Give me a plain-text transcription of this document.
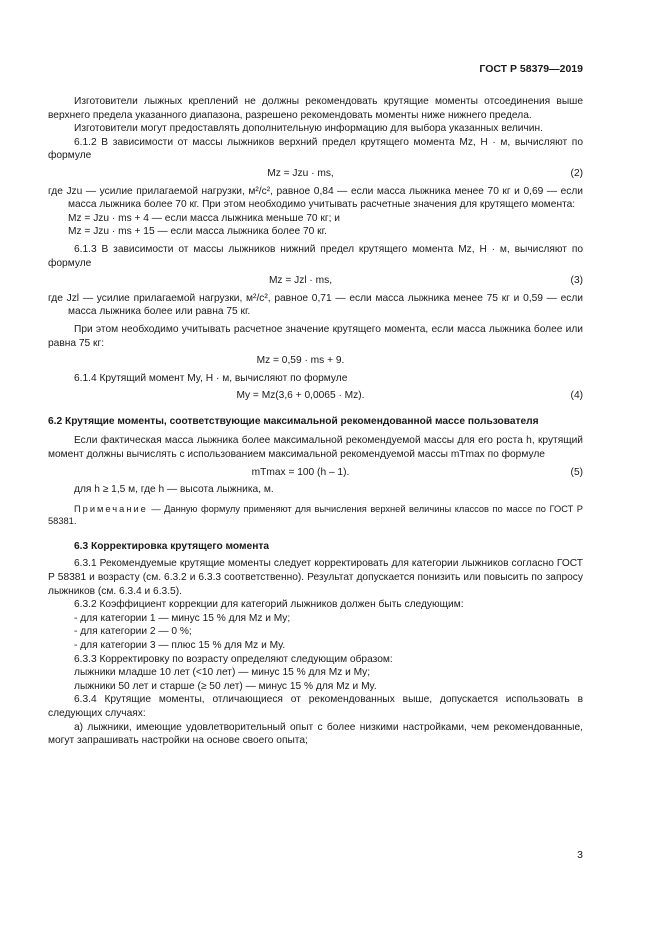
ГОСТ Р 58379—2019

Изготовители лыжных креплений не должны рекомендовать крутящие моменты отсоединения выше верхнего предела указанного диапазона, разрешено рекомендовать моменты ниже нижнего предела.

Изготовители могут предоставлять дополнительную информацию для выбора указанных величин.

6.1.2 В зависимости от массы лыжников верхний предел крутящего момента Mz, Н · м, вычисляют по формуле

Mz = Jzu · ms,	(2)

где Jzu — усилие прилагаемой нагрузки, м²/с², равное 0,84 — если масса лыжника менее 70 кг и 0,69 — если масса лыжника более 70 кг. При этом необходимо учитывать расчетные значения для крутящего момента:

Mz = Jzu · ms + 4 — если масса лыжника меньше 70 кг; и

Mz = Jzu · ms + 15 — если масса лыжника более 70 кг.

6.1.3 В зависимости от массы лыжников нижний предел крутящего момента Mz, Н · м, вычисляют по формуле

Mz = Jzl · ms,	(3)

где Jzl — усилие прилагаемой нагрузки, м²/с², равное 0,71 — если масса лыжника менее 75 кг и 0,59 — если масса лыжника более или равна 75 кг.

При этом необходимо учитывать расчетное значение крутящего момента, если масса лыжника более или равна 75 кг:

Mz = 0,59 · ms + 9.

6.1.4 Крутящий момент My, Н · м, вычисляют по формуле

My = Mz(3,6 + 0,0065 · Mz).	(4)

6.2 Крутящие моменты, соответствующие максимальной рекомендованной массе пользователя

Если фактическая масса лыжника более максимальной рекомендуемой массы для его роста h, крутящий момент должны вычислять с использованием максимальной рекомендуемой массы mTmax по формуле

mTmax = 100 (h – 1).	(5)

для h ≥ 1,5 м, где h — высота лыжника, м.

Примечание — Данную формулу применяют для вычисления верхней величины классов по массе по ГОСТ Р 58381.

6.3 Корректировка крутящего момента

6.3.1 Рекомендуемые крутящие моменты следует корректировать для категории лыжников согласно ГОСТ Р 58381 и возрасту (см. 6.3.2 и 6.3.3 соответственно). Результат допускается понизить или повысить по запросу лыжников (см. 6.3.4 и 6.3.5).

6.3.2 Коэффициент коррекции для категорий лыжников должен быть следующим:

- для категории 1 — минус 15 % для Mz и My;

- для категории 2 — 0 %;

- для категории 3 — плюс 15 % для Mz и My.

6.3.3 Корректировку по возрасту определяют следующим образом:

лыжники младше 10 лет (<10 лет) — минус 15 % для Mz и My;

лыжники 50 лет и старше (≥ 50 лет) — минус 15 % для Mz и My.

6.3.4 Крутящие моменты, отличающиеся от рекомендованных выше, допускается использовать в следующих случаях:

а) лыжники, имеющие удовлетворительный опыт с более низкими настройками, чем рекомендованные, могут запрашивать настройки на основе своего опыта;

3
